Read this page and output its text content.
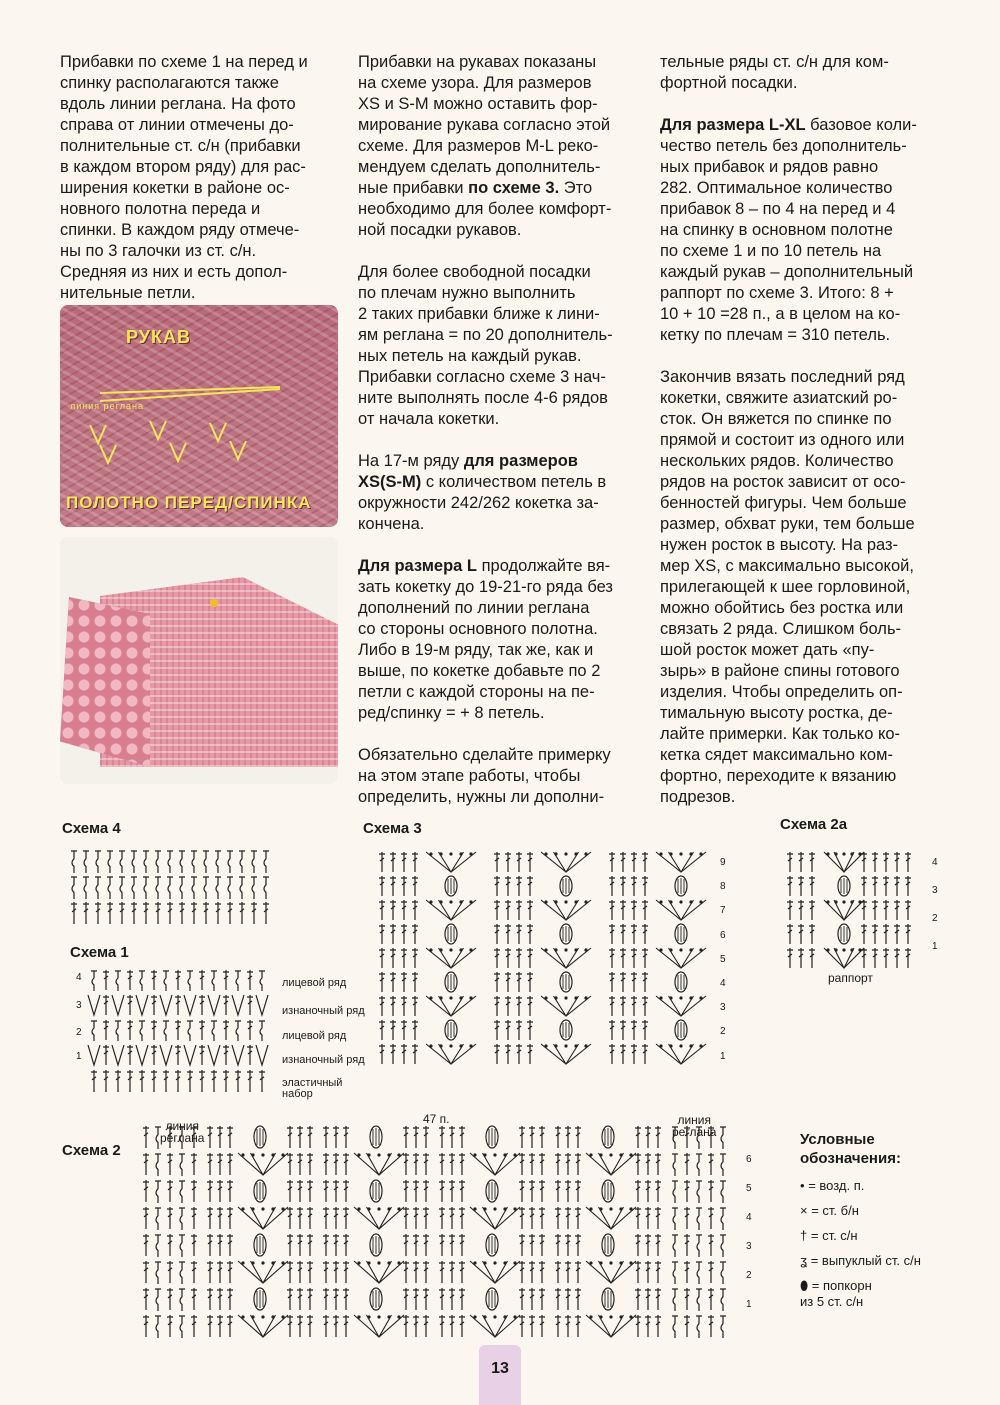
Прибавки по схеме 1 на перед и
спинку располагаются также
вдоль линии реглана. На фото
справа от линии отмечены до-
полнительные ст. с/н (прибавки
в каждом втором ряду) для рас-
ширения кокетки в районе ос-
новного полотна переда и
спинки. В каждом ряду отмече-
ны по 3 галочки из ст. с/н.
Средняя из них и есть допол-
нительные петли.

Прибавки на рукавах показаны
на схеме узора. Для размеров
XS и S-M можно оставить фор-
мирование рукава согласно этой
схеме. Для размеров M-L реко-
мендуем сделать дополнитель-
ные прибавки по схеме 3. Это
необходимо для более комфорт-
ной посадки рукавов.

Для более свободной посадки
по плечам нужно выполнить
2 таких прибавки ближе к лини-
ям реглана = по 20 дополнитель-
ных петель на каждый рукав.
Прибавки согласно схеме 3 нач-
ните выполнять после 4-6 рядов
от начала кокетки.

На 17-м ряду для размеров
XS(S-M) с количеством петель в
окружности 242/262 кокетка за-
кончена.

Для размера L продолжайте вя-
зать кокетку до 19-21-го ряда без
дополнений по линии реглана
со стороны основного полотна.
Либо в 19-м ряду, так же, как и
выше, по кокетке добавьте по 2
петли с каждой стороны на пе-
ред/спинку = + 8 петель.

Обязательно сделайте примерку
на этом этапе работы, чтобы
определить, нужны ли дополни-

тельные ряды ст. с/н для ком-
фортной посадки.

Для размера L-XL базовое коли-
чество петель без дополнитель-
ных прибавок и рядов равно
282. Оптимальное количество
прибавок 8 – по 4 на перед и 4
на спинку в основном полотне
по схеме 1 и по 10 петель на
каждый рукав – дополнительный
раппорт по схеме 3. Итого: 8 +
10 + 10 =28 п., а в целом на ко-
кетку по плечам = 310 петель.

Закончив вязать последний ряд
кокетки, свяжите азиатский ро-
сток. Он вяжется по спинке по
прямой и состоит из одного или
нескольких рядов. Количество
рядов на росток зависит от осо-
бенностей фигуры. Чем больше
размер, обхват руки, тем больше
нужен росток в высоту. На раз-
мер XS, с максимально высокой,
прилегающей к шее горловиной,
можно обойтись без ростка или
связать 2 ряда. Слишком боль-
шой росток может дать «пу-
зырь» в районе спины готового
изделия. Чтобы определить оп-
тимальную высоту ростка, де-
лайте примерки. Как только ко-
кетка сядет максимально ком-
фортно, переходите к вязанию
подрезов.

РУКАВ
линия реглана
ПОЛОТНО ПЕРЕД/СПИНКА
Схема 4	Схема 3	Схема 2а
Схема 1
Схема 2
4
3
2
1
лицевой ряд
изнаночный ряд
лицевой ряд
изнаночный ряд
эластичный
набор
9
8
7
6
5
4
3
2
1
4
3
2
1
раппорт
линия
реглана
линия
реглана
47 п.
6
5
4
3
2
1
Условные
обозначения:
• = возд. п.
× = ст. б/н
† = ст. с/н
ʓ = выпуклый ст. с/н
⬮ = попкорн
из 5 ст. с/н
13
